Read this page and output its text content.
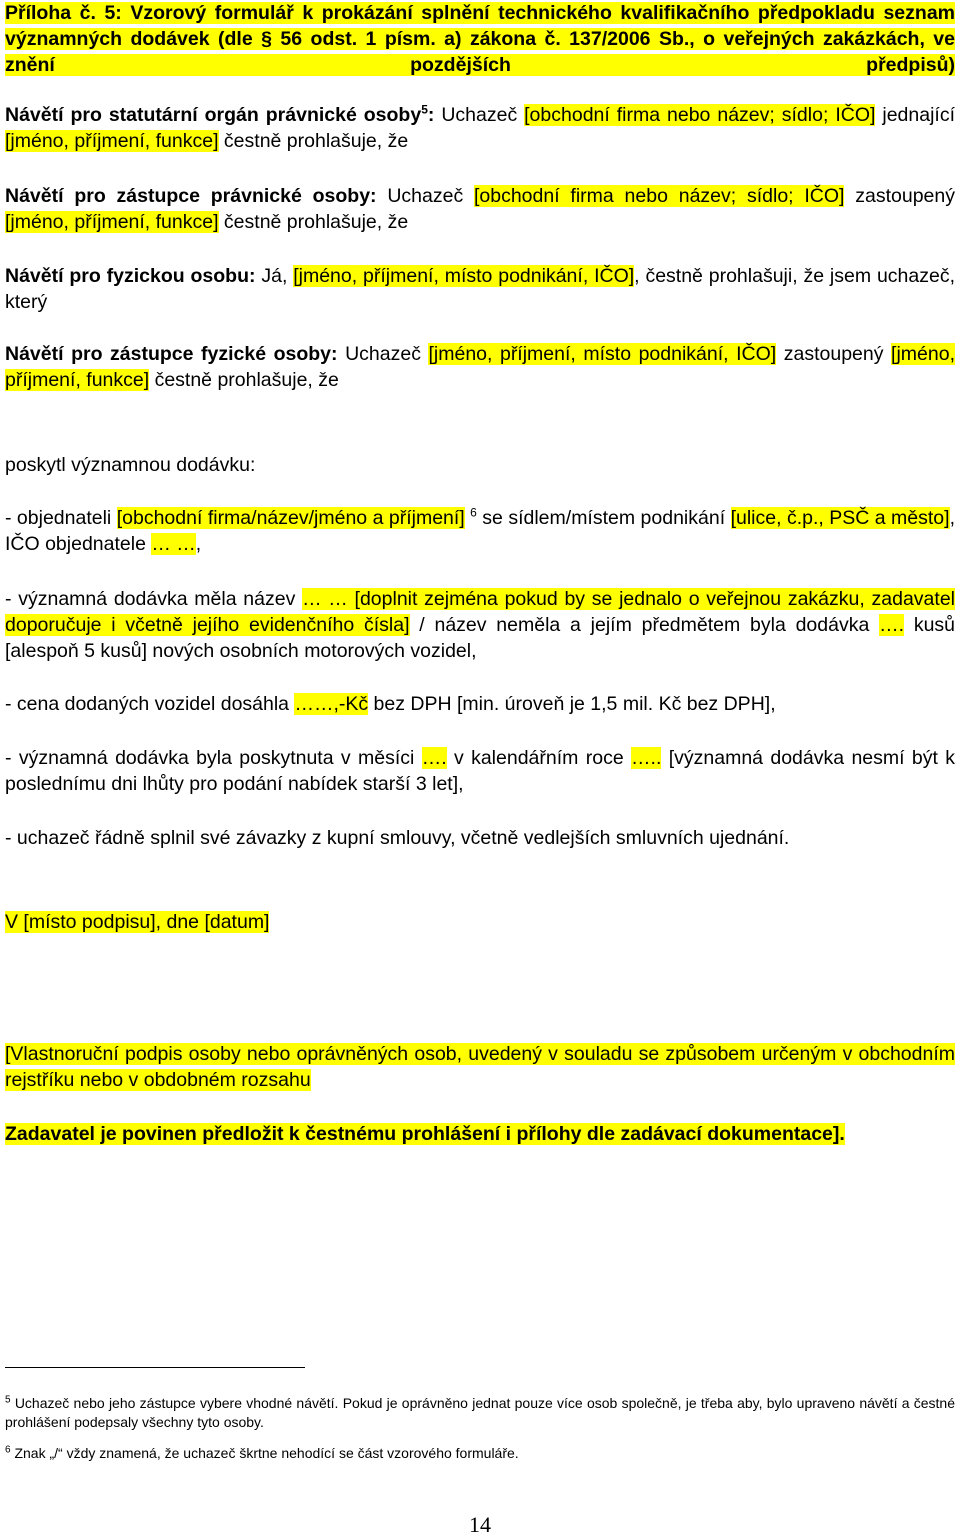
Příloha č. 5: Vzorový formulář k prokázání splnění technického kvalifikačního předpokladu seznam významných dodávek (dle § 56 odst. 1 písm. a) zákona č. 137/2006 Sb., o veřejných zakázkách, ve znění pozdějších předpisů)
Návětí pro statutární orgán právnické osoby$^5$: Uchazeč [obchodní firma nebo název; sídlo; IČO] jednající [jméno, příjmení, funkce] čestně prohlašuje, že
Návětí pro zástupce právnické osoby: Uchazeč [obchodní firma nebo název; sídlo; IČO] zastoupený [jméno, příjmení, funkce] čestně prohlašuje, že
Návětí pro fyzickou osobu: Já, [jméno, příjmení, místo podnikání, IČO], čestně prohlašuji, že jsem uchazeč, který
Návětí pro zástupce fyzické osoby: Uchazeč [jméno, příjmení, místo podnikání, IČO] zastoupený [jméno, příjmení, funkce] čestně prohlašuje, že
poskytl významnou dodávku:
- objednateli [obchodní firma/název/jméno a příjmení] $^6$ se sídlem/místem podnikání [ulice, č.p., PSČ a město], IČO objednatele … …,
- významná dodávka měla název … … [doplnit zejména pokud by se jednalo o veřejnou zakázku, zadavatel doporučuje i včetně jejího evidenčního čísla] / název neměla a jejím předmětem byla dodávka …. kusů [alespoň 5 kusů] nových osobních motorových vozidel,
- cena dodaných vozidel dosáhla ……,-Kč bez DPH [min. úroveň je 1,5 mil. Kč bez DPH],
- významná dodávka byla poskytnuta v měsíci …. v kalendářním roce ….. [významná dodávka nesmí být k poslednímu dni lhůty pro podání nabídek starší 3 let],
- uchazeč řádně splnil své závazky z kupní smlouvy, včetně vedlejších smluvních ujednání.
V [místo podpisu], dne [datum]
[Vlastnoruční podpis osoby nebo oprávněných osob, uvedený v souladu se způsobem určeným v obchodním rejstříku nebo v obdobném rozsahu
Zadavatel je povinen předložit k čestnému prohlášení i přílohy dle zadávací dokumentace].
$^5$ Uchazeč nebo jeho zástupce vybere vhodné návětí. Pokud je oprávněno jednat pouze více osob společně, je třeba aby, bylo upraveno návětí a čestné prohlášení podepsaly všechny tyto osoby.
$^6$ Znak „/“ vždy znamená, že uchazeč škrtne nehodící se část vzorového formuláře.
14
